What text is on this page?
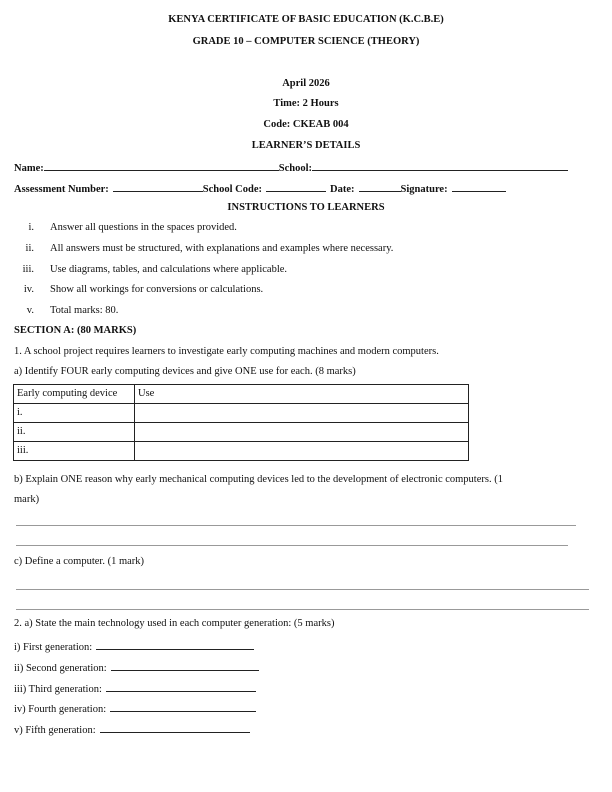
KENYA CERTIFICATE OF BASIC EDUCATION (K.C.B.E)
GRADE 10 – COMPUTER SCIENCE (THEORY)
April 2026
Time: 2 Hours
Code: CKEAB 004
LEARNER’S DETAILS
Name:	School:
Assessment Number:	School Code:	Date:	Signature:
INSTRUCTIONS TO LEARNERS
i. Answer all questions in the spaces provided.
ii. All answers must be structured, with explanations and examples where necessary.
iii. Use diagrams, tables, and calculations where applicable.
iv. Show all workings for conversions or calculations.
v. Total marks: 80.
SECTION A: (80 MARKS)
1. A school project requires learners to investigate early computing machines and modern computers.
a) Identify FOUR early computing devices and give ONE use for each. (8 marks)
Early computing device	Use
i.	
ii.	
iii.	
b) Explain ONE reason why early mechanical computing devices led to the development of electronic computers. (1
mark)
c) Define a computer. (1 mark)
2. a) State the main technology used in each computer generation: (5 marks)
i) First generation:
ii) Second generation:
iii) Third generation:
iv) Fourth generation:
v) Fifth generation:
